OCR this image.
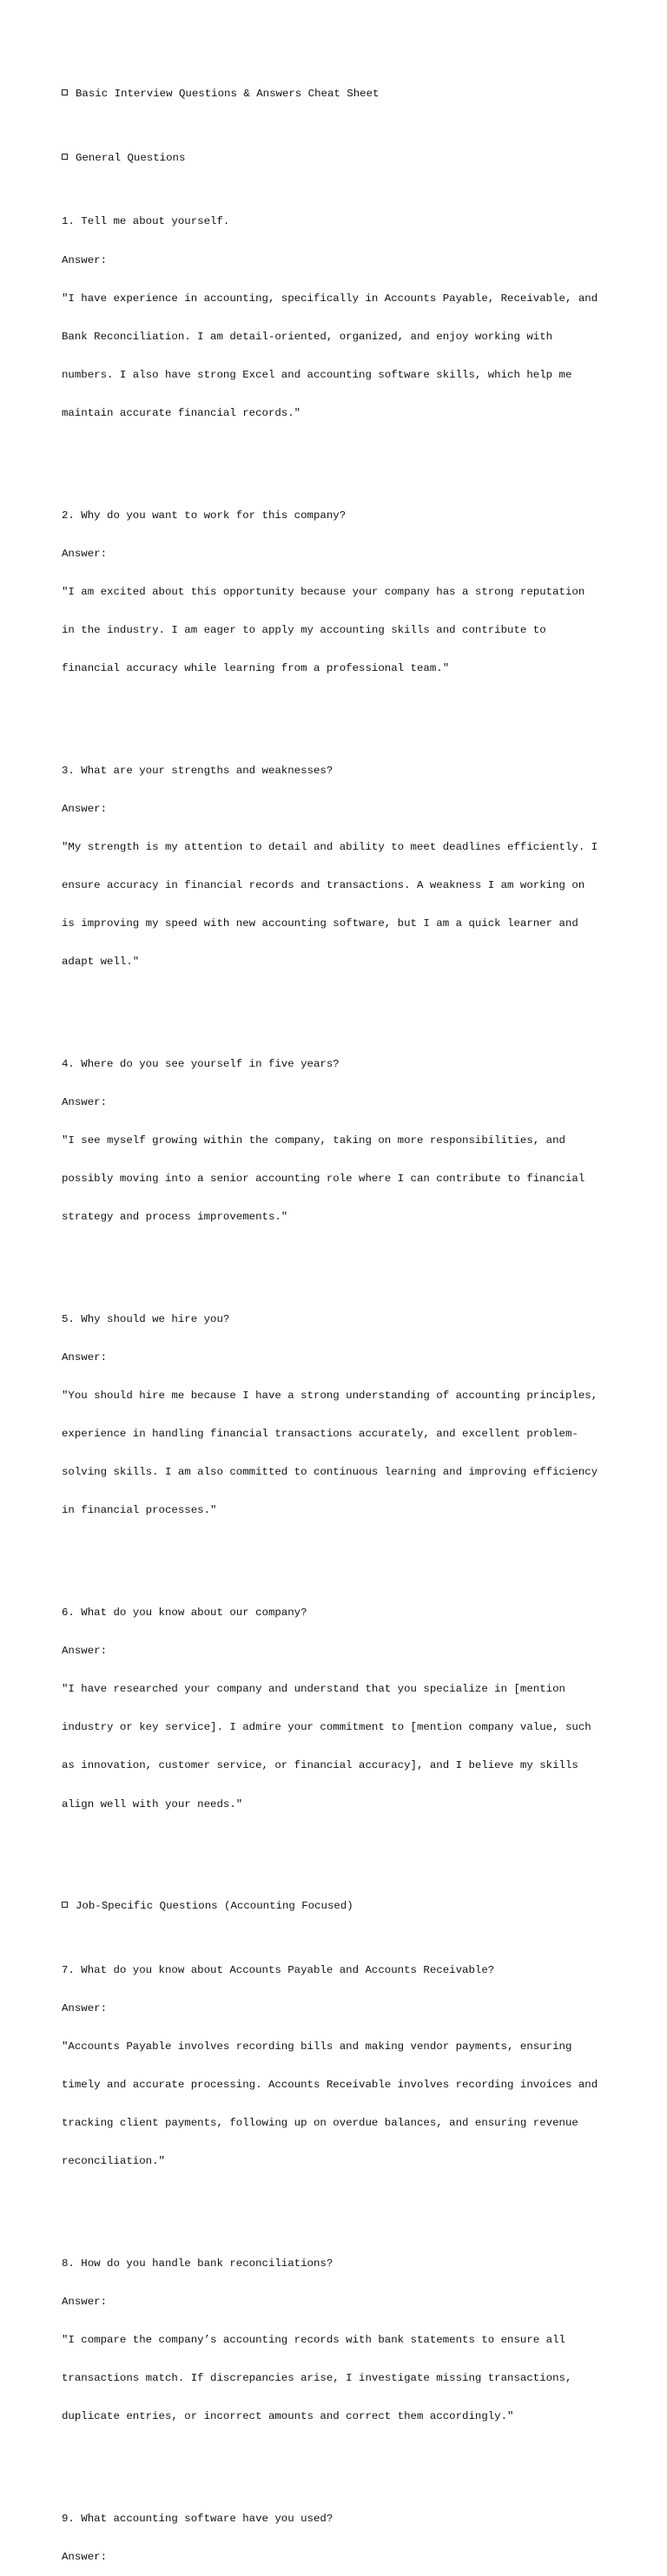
Basic Interview Questions & Answers Cheat Sheet

General Questions

1. Tell me about yourself.

Answer:

"I have experience in accounting, specifically in Accounts Payable, Receivable, and

Bank Reconciliation. I am detail-oriented, organized, and enjoy working with

numbers. I also have strong Excel and accounting software skills, which help me

maintain accurate financial records."

2. Why do you want to work for this company?

Answer:

"I am excited about this opportunity because your company has a strong reputation

in the industry. I am eager to apply my accounting skills and contribute to

financial accuracy while learning from a professional team."

3. What are your strengths and weaknesses?

Answer:

"My strength is my attention to detail and ability to meet deadlines efficiently. I

ensure accuracy in financial records and transactions. A weakness I am working on

is improving my speed with new accounting software, but I am a quick learner and

adapt well."

4. Where do you see yourself in five years?

Answer:

"I see myself growing within the company, taking on more responsibilities, and

possibly moving into a senior accounting role where I can contribute to financial

strategy and process improvements."

5. Why should we hire you?

Answer:

"You should hire me because I have a strong understanding of accounting principles,

experience in handling financial transactions accurately, and excellent problem-

solving skills. I am also committed to continuous learning and improving efficiency

in financial processes."

6. What do you know about our company?

Answer:

"I have researched your company and understand that you specialize in [mention

industry or key service]. I admire your commitment to [mention company value, such

as innovation, customer service, or financial accuracy], and I believe my skills

align well with your needs."

Job-Specific Questions (Accounting Focused)

7. What do you know about Accounts Payable and Accounts Receivable?

Answer:

"Accounts Payable involves recording bills and making vendor payments, ensuring

timely and accurate processing. Accounts Receivable involves recording invoices and

tracking client payments, following up on overdue balances, and ensuring revenue

reconciliation."

8. How do you handle bank reconciliations?

Answer:

"I compare the company’s accounting records with bank statements to ensure all

transactions match. If discrepancies arise, I investigate missing transactions,

duplicate entries, or incorrect amounts and correct them accordingly."

9. What accounting software have you used?

Answer:
